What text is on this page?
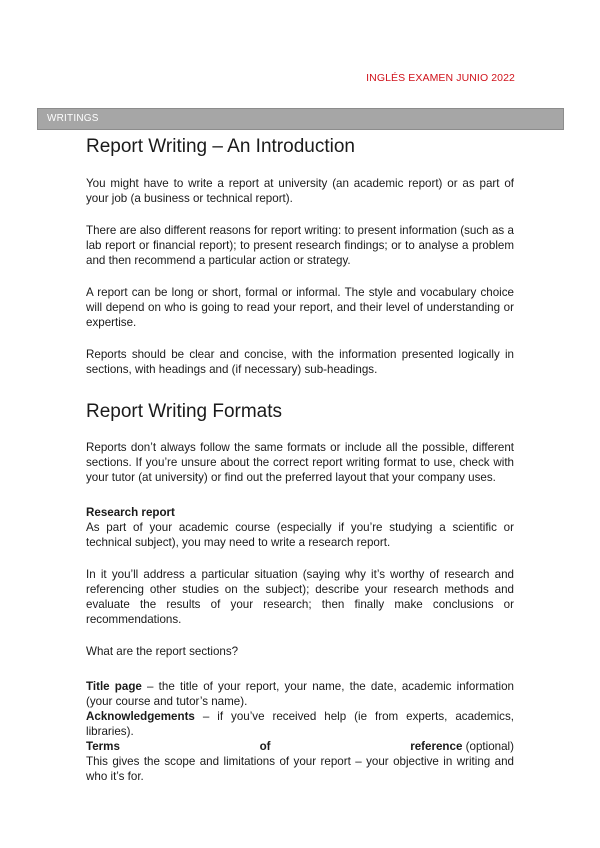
INGLÉS EXAMEN JUNIO 2022
WRITINGS
Report Writing – An Introduction

You might have to write a report at university (an academic report) or as part of your job (a business or technical report).

There are also different reasons for report writing: to present information (such as a lab report or financial report); to present research findings; or to analyse a problem and then recommend a particular action or strategy.

A report can be long or short, formal or informal. The style and vocabulary choice will depend on who is going to read your report, and their level of understanding or expertise.

Reports should be clear and concise, with the information presented logically in sections, with headings and (if necessary) sub-headings.

Report Writing Formats

Reports don’t always follow the same formats or include all the possible, different sections. If you’re unsure about the correct report writing format to use, check with your tutor (at university) or find out the preferred layout that your company uses.

Research report

As part of your academic course (especially if you’re studying a scientific or technical subject), you may need to write a research report.

In it you’ll address a particular situation (saying why it’s worthy of research and referencing other studies on the subject); describe your research methods and evaluate the results of your research; then finally make conclusions or recommendations.

What are the report sections?

Title page – the title of your report, your name, the date, academic information (your course and tutor’s name).
Acknowledgements – if you’ve received help (ie from experts, academics, libraries).
Terms	of	reference (optional)
This gives the scope and limitations of your report – your objective in writing and who it’s for.
